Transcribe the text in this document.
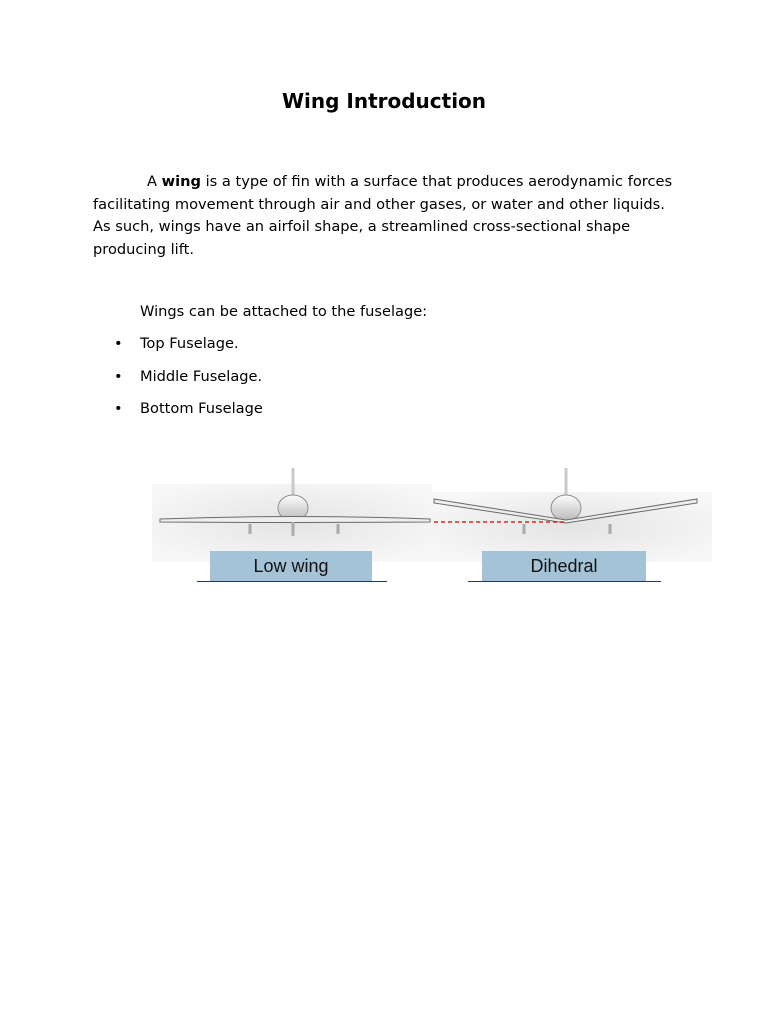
Wing Introduction

A wing is a type of fin with a surface that produces aerodynamic forces facilitating movement through air and other gases, or water and other liquids. As such, wings have an airfoil shape, a streamlined cross-sectional shape producing lift.

Wings can be attached to the fuselage:

• Top Fuselage.
• Middle Fuselage.
• Bottom Fuselage
Low wing	Dihedral
